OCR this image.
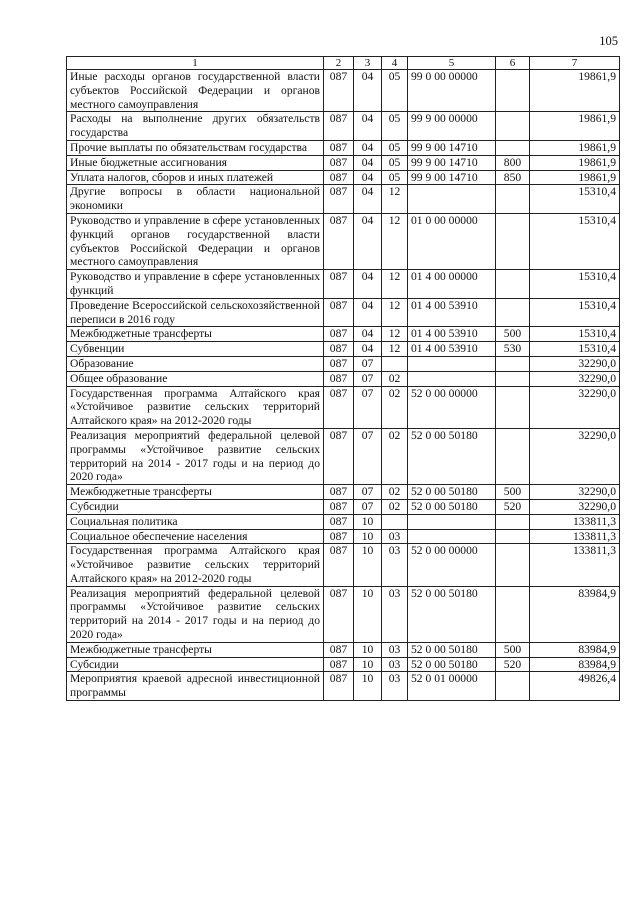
105
1	2	3	4	5	6	7
Иные расходы органов государственной власти субъектов Российской Федерации и органов местного самоуправления	087	04	05	99 0 00 00000		19861,9
Расходы на выполнение других обязательств государства	087	04	05	99 9 00 00000		19861,9
Прочие выплаты по обязательствам государства	087	04	05	99 9 00 14710		19861,9
Иные бюджетные ассигнования	087	04	05	99 9 00 14710	800	19861,9
Уплата налогов, сборов и иных платежей	087	04	05	99 9 00 14710	850	19861,9
Другие вопросы в области национальной экономики	087	04	12			15310,4
Руководство и управление в сфере установленных функций органов государственной власти субъектов Российской Федерации и органов местного самоуправления	087	04	12	01 0 00 00000		15310,4
Руководство и управление в сфере установленных функций	087	04	12	01 4 00 00000		15310,4
Проведение Всероссийской сельскохозяйственной переписи в 2016 году	087	04	12	01 4 00 53910		15310,4
Межбюджетные трансферты	087	04	12	01 4 00 53910	500	15310,4
Субвенции	087	04	12	01 4 00 53910	530	15310,4
Образование	087	07				32290,0
Общее образование	087	07	02			32290,0
Государственная программа Алтайского края «Устойчивое развитие сельских территорий Алтайского края» на 2012-2020 годы	087	07	02	52 0 00 00000		32290,0
Реализация мероприятий федеральной целевой программы «Устойчивое развитие сельских территорий на 2014 - 2017 годы и на период до 2020 года»	087	07	02	52 0 00 50180		32290,0
Межбюджетные трансферты	087	07	02	52 0 00 50180	500	32290,0
Субсидии	087	07	02	52 0 00 50180	520	32290,0
Социальная политика	087	10				133811,3
Социальное обеспечение населения	087	10	03			133811,3
Государственная программа Алтайского края «Устойчивое развитие сельских территорий Алтайского края» на 2012-2020 годы	087	10	03	52 0 00 00000		133811,3
Реализация мероприятий федеральной целевой программы «Устойчивое развитие сельских территорий на 2014 - 2017 годы и на период до 2020 года»	087	10	03	52 0 00 50180		83984,9
Межбюджетные трансферты	087	10	03	52 0 00 50180	500	83984,9
Субсидии	087	10	03	52 0 00 50180	520	83984,9
Мероприятия краевой адресной инвестиционной программы	087	10	03	52 0 01 00000		49826,4
